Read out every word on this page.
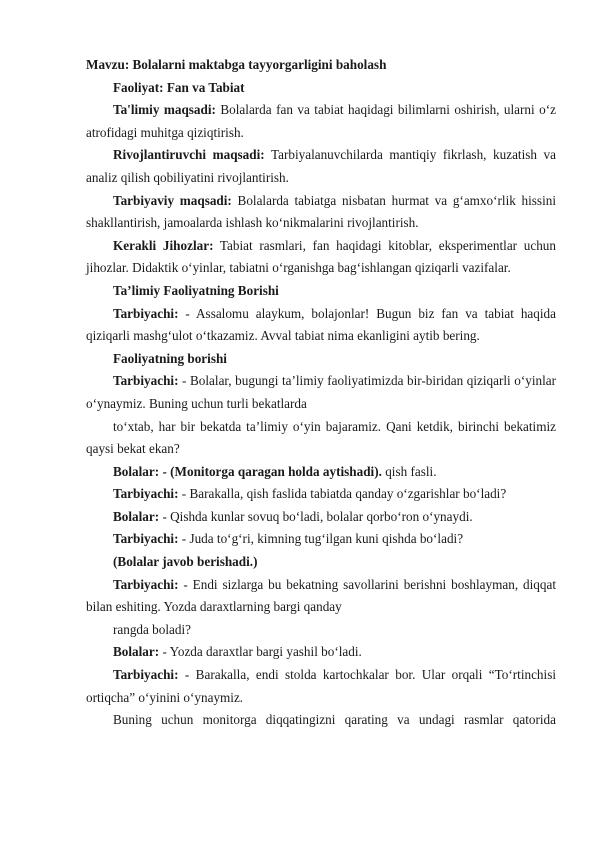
Mavzu: Bolalarni maktabga tayyorgarligini baholash

Faoliyat: Fan va Tabiat

Ta'limiy maqsadi: Bolalarda fan va tabiat haqidagi bilimlarni oshirish, ularni o‘z atrofidagi muhitga qiziqtirish.

Rivojlantiruvchi maqsadi: Tarbiyalanuvchilarda mantiqiy fikrlash, kuzatish va analiz qilish qobiliyatini rivojlantirish.

Tarbiyaviy maqsadi: Bolalarda tabiatga nisbatan hurmat va g‘amxo‘rlik hissini shakllantirish, jamoalarda ishlash ko‘nikmalarini rivojlantirish.

Kerakli Jihozlar: Tabiat rasmlari, fan haqidagi kitoblar, eksperimentlar uchun jihozlar. Didaktik o‘yinlar, tabiatni o‘rganishga bag‘ishlangan qiziqarli vazifalar.

Ta’limiy Faoliyatning Borishi

Tarbiyachi: - Assalomu alaykum, bolajonlar! Bugun biz fan va tabiat haqida qiziqarli mashg‘ulot o‘tkazamiz. Avval tabiat nima ekanligini aytib bering.

Faoliyatning borishi

Tarbiyachi: - Bolalar, bugungi ta’limiy faoliyatimizda bir-biridan qiziqarli o‘yinlar o‘ynaymiz. Buning uchun turli bekatlarda

to‘xtab, har bir bekatda ta’limiy o‘yin bajaramiz. Qani ketdik, birinchi bekatimiz qaysi bekat ekan?

Bolalar: - (Monitorga qaragan holda aytishadi). qish fasli.

Tarbiyachi: - Barakalla, qish faslida tabiatda qanday o‘zgarishlar bo‘ladi?

Bolalar: - Qishda kunlar sovuq bo‘ladi, bolalar qorbo‘ron o‘ynaydi.

Tarbiyachi: - Juda to‘g‘ri, kimning tug‘ilgan kuni qishda bo‘ladi?

(Bolalar javob berishadi.)

Tarbiyachi: - Endi sizlarga bu bekatning savollarini berishni boshlayman, diqqat bilan eshiting. Yozda daraxtlarning bargi qanday

rangda boladi?

Bolalar: - Yozda daraxtlar bargi yashil bo‘ladi.

Tarbiyachi: - Barakalla, endi stolda kartochkalar bor. Ular orqali “To‘rtinchisi ortiqcha” o‘yinini o‘ynaymiz.

Buning uchun monitorga diqqatingizni qarating va undagi rasmlar qatorida
